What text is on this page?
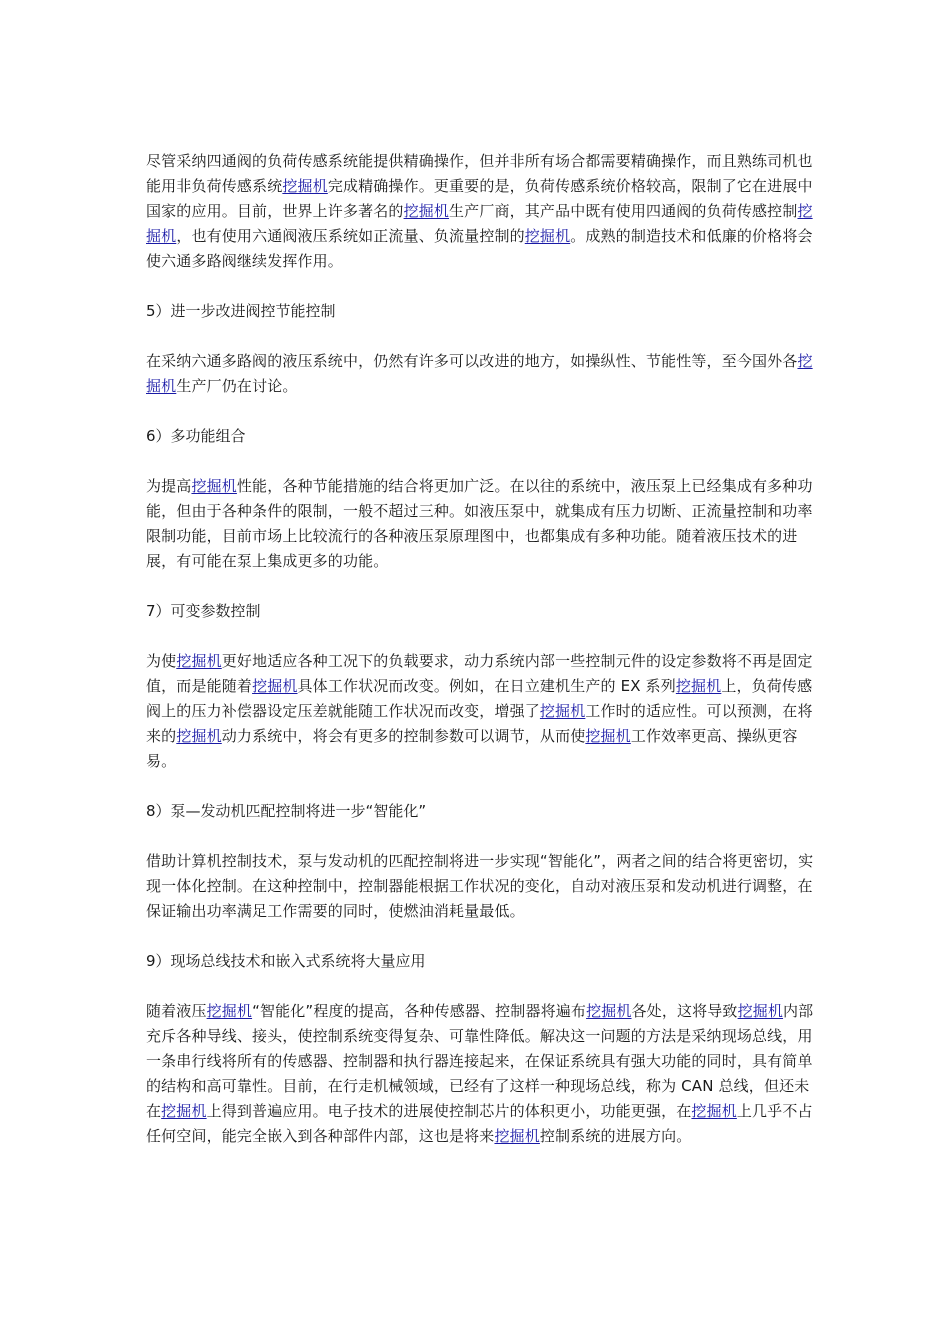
尽管采纳四通阀的负荷传感系统能提供精确操作，但并非所有场合都需要精确操作，而且熟练司机也能用非负荷传感系统挖掘机完成精确操作。更重要的是，负荷传感系统价格较高，限制了它在进展中国家的应用。目前，世界上许多著名的挖掘机生产厂商，其产品中既有使用四通阀的负荷传感控制挖掘机，也有使用六通阀液压系统如正流量、负流量控制的挖掘机。成熟的制造技术和低廉的价格将会使六通多路阀继续发挥作用。

5）进一步改进阀控节能控制

在采纳六通多路阀的液压系统中，仍然有许多可以改进的地方，如操纵性、节能性等，至今国外各挖掘机生产厂仍在讨论。

6）多功能组合

为提高挖掘机性能，各种节能措施的结合将更加广泛。在以往的系统中，液压泵上已经集成有多种功能，但由于各种条件的限制，一般不超过三种。如液压泵中，就集成有压力切断、正流量控制和功率限制功能，目前市场上比较流行的各种液压泵原理图中，也都集成有多种功能。随着液压技术的进展，有可能在泵上集成更多的功能。

7）可变参数控制

为使挖掘机更好地适应各种工况下的负载要求，动力系统内部一些控制元件的设定参数将不再是固定值，而是能随着挖掘机具体工作状况而改变。例如，在日立建机生产的 EX 系列挖掘机上，负荷传感阀上的压力补偿器设定压差就能随工作状况而改变，增强了挖掘机工作时的适应性。可以预测，在将来的挖掘机动力系统中，将会有更多的控制参数可以调节，从而使挖掘机工作效率更高、操纵更容易。

8）泵—发动机匹配控制将进一步“智能化”

借助计算机控制技术，泵与发动机的匹配控制将进一步实现“智能化”，两者之间的结合将更密切，实现一体化控制。在这种控制中，控制器能根据工作状况的变化，自动对液压泵和发动机进行调整，在保证输出功率满足工作需要的同时，使燃油消耗量最低。

9）现场总线技术和嵌入式系统将大量应用

随着液压挖掘机“智能化”程度的提高，各种传感器、控制器将遍布挖掘机各处，这将导致挖掘机内部充斥各种导线、接头，使控制系统变得复杂、可靠性降低。解决这一问题的方法是采纳现场总线，用一条串行线将所有的传感器、控制器和执行器连接起来，在保证系统具有强大功能的同时，具有简单的结构和高可靠性。目前，在行走机械领域，已经有了这样一种现场总线，称为 CAN 总线，但还未在挖掘机上得到普遍应用。电子技术的进展使控制芯片的体积更小，功能更强，在挖掘机上几乎不占任何空间，能完全嵌入到各种部件内部，这也是将来挖掘机控制系统的进展方向。
